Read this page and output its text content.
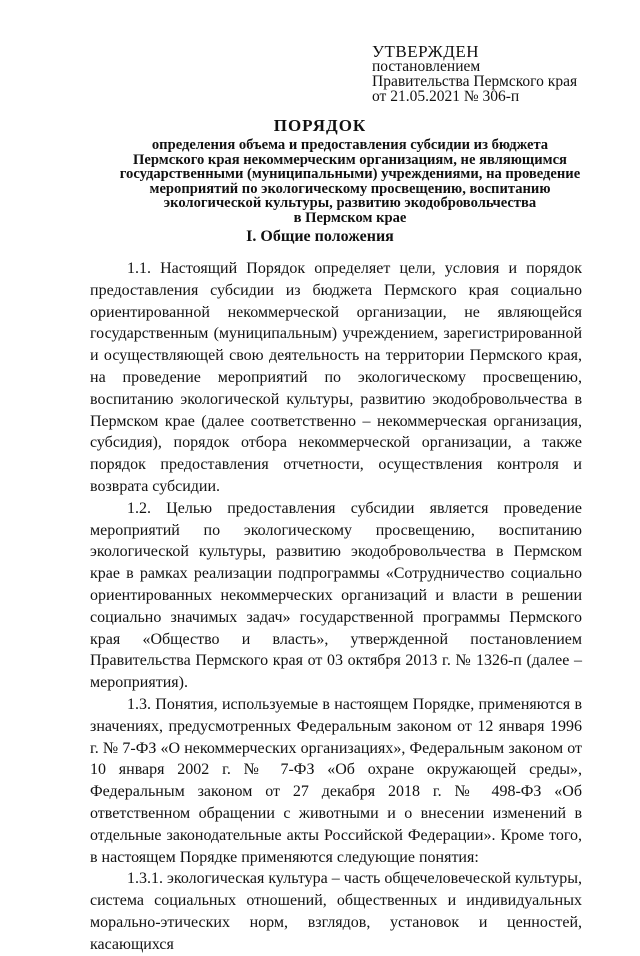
УТВЕРЖДЕН
постановлением
Правительства Пермского края
от 21.05.2021 № 306-п
ПОРЯДОК
определения объема и предоставления субсидии из бюджета
Пермского края некоммерческим организациям, не являющимся
государственными (муниципальными) учреждениями, на проведение
мероприятий по экологическому просвещению, воспитанию
экологической культуры, развитию экодобровольчества
в Пермском крае
I. Общие положения

1.1. Настоящий Порядок определяет цели, условия и порядок предоставления субсидии из бюджета Пермского края социально ориентированной некоммерческой организации, не являющейся государственным (муниципальным) учреждением, зарегистрированной и осуществляющей свою деятельность на территории Пермского края, на проведение мероприятий по экологическому просвещению, воспитанию экологической культуры, развитию экодобровольчества в Пермском крае (далее соответственно – некоммерческая организация, субсидия), порядок отбора некоммерческой организации, а также порядок предоставления отчетности, осуществления контроля и возврата субсидии.

1.2. Целью предоставления субсидии является проведение мероприятий по экологическому просвещению, воспитанию экологической культуры, развитию экодобровольчества в Пермском крае в рамках реализации подпрограммы «Сотрудничество социально ориентированных некоммерческих организаций и власти в решении социально значимых задач» государственной программы Пермского края «Общество и власть», утвержденной постановлением Правительства Пермского края от 03 октября 2013 г. № 1326-п (далее – мероприятия).

1.3. Понятия, используемые в настоящем Порядке, применяются в значениях, предусмотренных Федеральным законом от 12 января 1996 г. № 7-ФЗ «О некоммерческих организациях», Федеральным законом от 10 января 2002 г. № 7-ФЗ «Об охране окружающей среды», Федеральным законом от 27 декабря 2018 г. № 498-ФЗ «Об ответственном обращении с животными и о внесении изменений в отдельные законодательные акты Российской Федерации». Кроме того, в настоящем Порядке применяются следующие понятия:

1.3.1. экологическая культура – часть общечеловеческой культуры, система социальных отношений, общественных и индивидуальных морально-этических норм, взглядов, установок и ценностей, касающихся
